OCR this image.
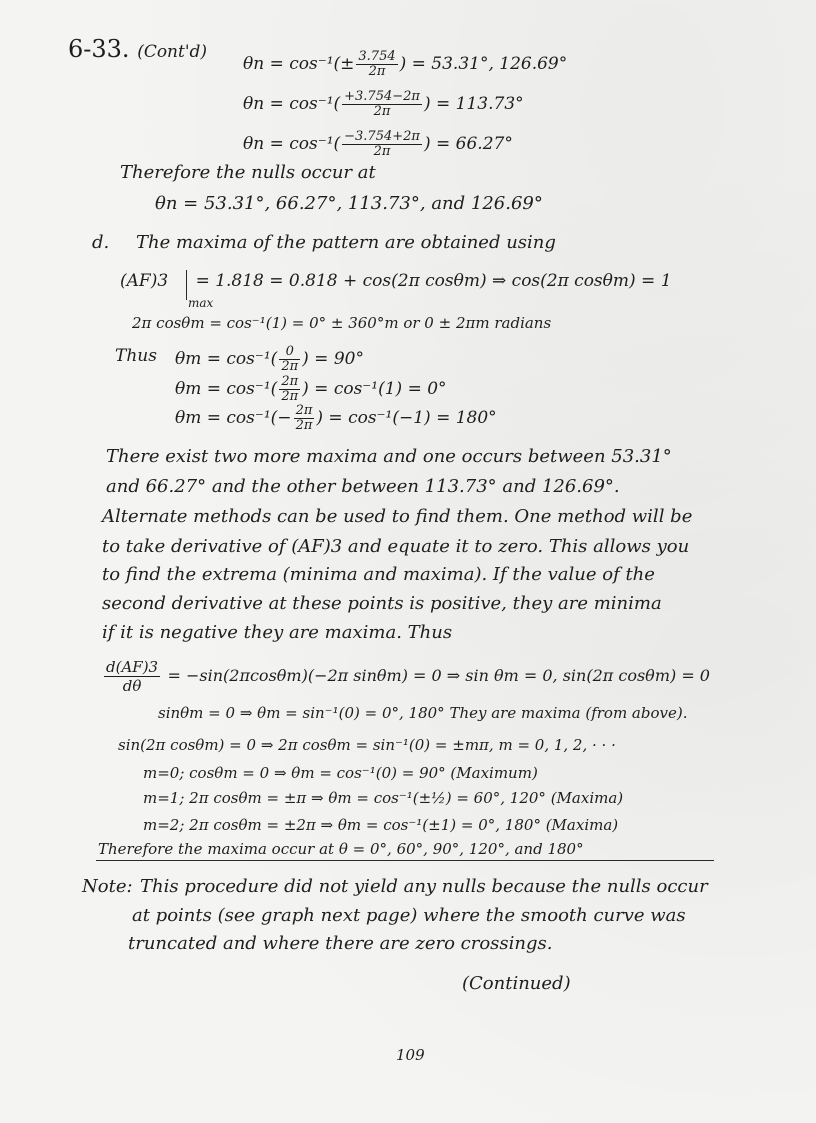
6-33. (Cont'd)
$\theta n = \cos^{-1}(\pm \frac{3.754}{2\pi}$ ) = 53.31°, 126.69°
$\theta n = \cos^{-1}( \frac{+3.754-2\pi}{2\pi}$ ) = 113.73°
$\theta n = \cos^{-1}( \frac{-3.754+2\pi}{2\pi}$ ) = 66.27°
Therefore the nulls occur at
θn = 53.31°, 66.27°, 113.73°, and 126.69°
d. The maxima of the pattern are obtained using
(AF)3
max
= 1.818 = 0.818 + cos(2π cosθm) ⇒ cos(2π cosθm) = 1
2π cosθm = cos⁻¹(1) = 0° ± 360°m or 0 ± 2πm radians
Thus $\theta m = \cos^{-1}( \frac{0}{2\pi}$ ) = 90°
$\theta m = \cos^{-1}( \frac{2\pi}{2\pi}$ ) = cos⁻¹(1) = 0°
$\theta m = \cos^{-1}(- \frac{2\pi}{2\pi}$ ) = cos⁻¹(−1) = 180°
There exist two more maxima and one occurs between 53.31°
and 66.27° and the other between 113.73° and 126.69°.
Alternate methods can be used to find them. One method will be
to take derivative of (AF)3 and equate it to zero. This allows you
to find the extrema (minima and maxima). If the value of the
second derivative at these points is positive, they are minima
if it is negative they are maxima. Thus
$\frac{d(AF)3}{d\theta} = -\sin(2\pi\cos\theta m)(-2\pi$ sinθm) = 0 ⇒ sin θm = 0, sin(2π cosθm) = 0
sinθm = 0 ⇒ θm = sin⁻¹(0) = 0°, 180° They are maxima (from above).
sin(2π cosθm) = 0 ⇒ 2π cosθm = sin⁻¹(0) = ±mπ, m = 0, 1, 2, · · ·
m=0; cosθm = 0 ⇒ θm = cos⁻¹(0) = 90° (Maximum)
m=1; 2π cosθm = ±π ⇒ θm = cos⁻¹(±½) = 60°, 120° (Maxima)
m=2; 2π cosθm = ±2π ⇒ θm = cos⁻¹(±1) = 0°, 180° (Maxima)
Therefore the maxima occur at θ = 0°, 60°, 90°, 120°, and 180°
Note: This procedure did not yield any nulls because the nulls occur
at points (see graph next page) where the smooth curve was
truncated and where there are zero crossings.
(Continued)
109
